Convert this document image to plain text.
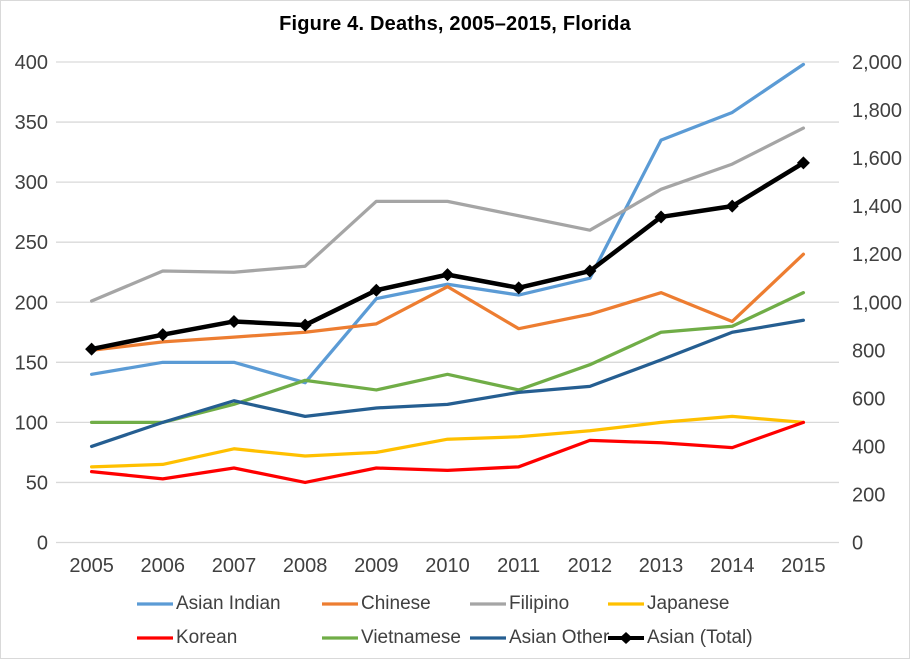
Figure 4. Deaths, 2005–2015, Florida
0
50
100
150
200
250
300
350
400
0
200
400
600
800
1,000
1,200
1,400
1,600
1,800
2,000
2005 2006 2007 2008 2009 2010 2011 2012 2013 2014 2015
Asian Indian	Chinese	Filipino	Japanese
Korean	Vietnamese	Asian Other Asian (Total)
